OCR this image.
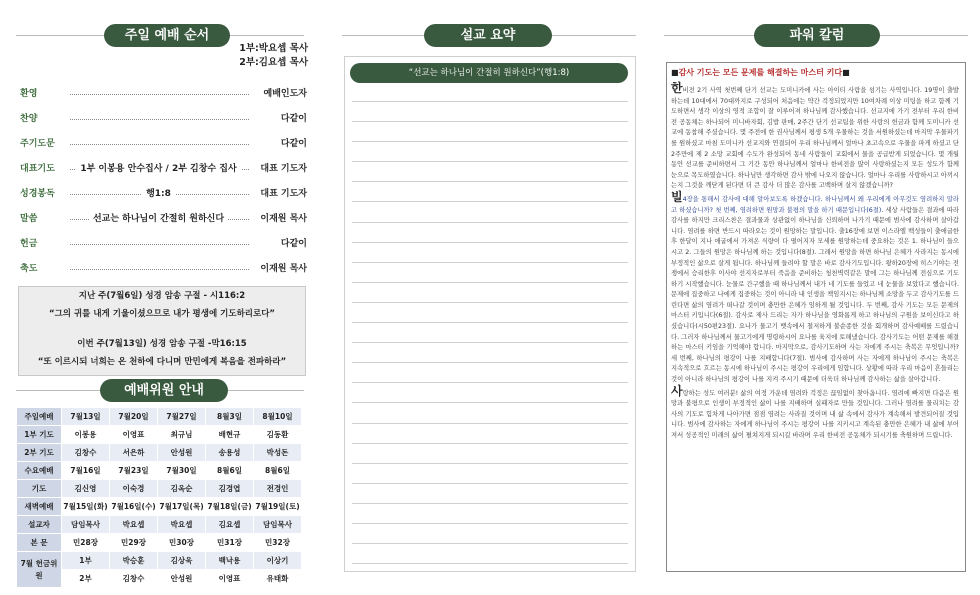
주일 예배 순서
1부:박요셉 목사
2부:김요셉 목사
환영	예배인도자
찬양	다같이
주기도문	다같이
대표기도	1부 이봉용 안수집사 / 2부 김창수 집사	대표 기도자
성경봉독	행1:8	대표 기도자
말씀	선교는 하나님이 간절히 원하신다	이재원 목사
헌금	다같이
축도	이재원 목사
지난 주(7월6일) 성경 암송 구절 - 시116:2
“그의 귀를 내게 기울이셨으므로 내가 평생에 기도하리로다”
이번 주(7월13일) 성경 암송 구절 -막16:15
“또 이르시되 너희는 온 천하에 다니며 만민에게 복음을 전파하라”
예배위원 안내
주일예배	7월13일	7월20일	7월27일	8월3일	8월10일
1부 기도	이봉용	이영표	최규님	배현규	김동환
2부 기도	김창수	서은하	안성원	송용성	박성돈
수요예배	7월16일	7월23일	7월30일	8월6일	8월6일
기도	김신영	이숙경	김옥순	김경엽	전경인
새벽예배	7월15일(화)	7월16일(수)	7월17일(목)	7월18일(금)	7월19일(토)
설교자	담임목사	박요셉	박요셉	김요셉	담임목사
본 문	민28장	민29장	민30장	민31장	민32장
7월 헌금위원	1부	박승훈	김상욱	백낙용	이상기
	2부	김창수	안성원	이영표	유태화
설교 요약
“선교는 하나님이 간절히 원하신다”(행1:8)
파워 칼럼
■감사 기도는 모든 문제를 해결하는 마스터 키다■

한비전 2기 사역 첫번째 단기 선교는 도미니카에 사는 아이티 사람을 섬기는 사역입니다. 19명이 출발하는데 10대에서 70대까지로 구성되어 처음에는 약간 걱정되었지만 10여차례 이상 미팅을 하고 함께 기도하면서 생각 이상의 영적 조합이 잘 이루어져 하나님께 감사했습니다. 선교지에 가기 전부터 우리 한비전 공동체는 하나되어 미니바자회, 김밥 판매, 2주간 단기 선교팀을 위한 사랑의 헌금과 함께 도미니카 선교에 동참해 주셨습니다. 몇 주전에 한 권사님께서 평생 5개 우물하는 것을 서원하셨는데 마지막 우물파기를 원하셨고 마침 도미니카 선교지와 연결되어 우리 하나님께서 얼마나 초고속으로 우물을 파게 하셨고 단 2주만에 제 2 소망 교회에 수도가 완성되어 동네 사람들이 교회에서 물을 공급받게 되었습니다. 몇 개월 동안 선교를 준비하면서 그 기간 동안 하나님께서 얼마나 한비전을 많이 사랑하셨는지 모든 성도가 함께 눈으로 목도하였습니다. 하나님만 생각하면 감사 밖에 나오지 않습니다. 얼마나 우리를 사랑하시고 아끼시는지 그것을 깨닫게 된다면 더 큰 감사 더 많은 감사를 고백하며 살지 않겠습니까?

빌4장을 통해서 감사에 대해 알아보도록 하겠습니다. 하나님께서 왜 우리에게 아무것도 염려하지 말라고 하셨습니까? 첫 번째, 염려하면 원망과 불평의 말을 하기 때문입니다(6절). 세상 사람들은 결과에 따라 감사를 하지만 크리스찬은 결과물과 상관없이 하나님을 신뢰하며 나가기 때문에 범사에 감사하며 살아갑니다. 염려를 하면 반드시 따라오는 것이 원망하는 말입니다. 출16장에 보면 이스라엘 백성들이 출애굽한 후 한달이 지나 애굽에서 가져온 식량이 다 떨어지자 모세를 원망하는데 중요하는 것은 1. 하나님이 들으시고 2. 그들의 원망은 하나님께 하는 것입니다(8절). 그래서 원망을 하면 하나님 은혜가 사라지는 동시에 부정적인 삶으로 살게 됩니다. 하나님께 들려야 할 말은 바로 감사기도입니다. 왕하20장에 히스기야는 전쟁에서 승리한후 이사야 선지자로부터 죽음을 준비하는 청천벽력같은 말에 그는 하나님께 전심으로 기도하기 시작했습니다. 눈물로 간구했을 때 하나님께서 내가 네 기도를 들었고 네 눈물을 보았다고 했습니다. 문제에 집중하고 나에게 집중하는 것이 아니라 내 인생을 책임지시는 하나님께 소망을 두고 감사기도를 드린다면 삶의 염려가 떠나갈 것이며 충만한 은혜가 임하게 될 것입니다. 두 번째, 감사 기도는 모든 문제의 마스터 키입니다(6절). 감사로 제사 드리는 자가 하나님을 영화롭게 하고 하나님의 구원을 보이신다고 하셨습니다(시50편23절). 요나가 물고기 뱃속에서 철저하게 불순종한 것을 회개하며 감사예배를 드렸습니다. 그러자 하나님께서 물고기에게 명령하시어 요나를 육지에 토해냈습니다. 감사기도는 어떤 문제를 해결하는 마스터 키임을 기억해야 합니다. 마지막으로, 감사기도하며 사는 자에게 주시는 축복은 무엇입니까? 세 번째, 하나님의 평강이 나를 지배합니다(7절). 범사에 감사하며 사는 자에게 하나님이 주시는 축복은 지속적으로 흐르는 동시에 하나님이 주시는 평강이 우리에게 임합니다. 상황에 따라 우리 마음이 흔들리는 것이 아니라 하나님의 평강이 나를 지켜 주시기 때문에 더욱더 하나님께 감사하는 삶을 살아갑니다.

사랑하는 성도 여러분! 삶의 여정 가운데 염려와 걱정은 끊임없이 찾아옵니다. 염려에 빠지면 다음은 원망과 불평으로 인생이 부정적인 삶이 나를 지배하며 실패자로 만들 것입니다. 그러나 염려를 물리치는 감사의 기도로 힘차게 나아가면 점점 염려는 사라질 것이며 내 삶 속에서 감사가 계속해서 발견되어질 것입니다. 범사에 감사하는 자에게 하나님이 주시는 평강이 나를 지키시고 계속된 충만한 은혜가 내 삶에 부어져서 성공적인 미래의 삶이 펼쳐지게 되시길 바라며 우리 한비전 공동체가 되시기를 축원하며 드립니다.
